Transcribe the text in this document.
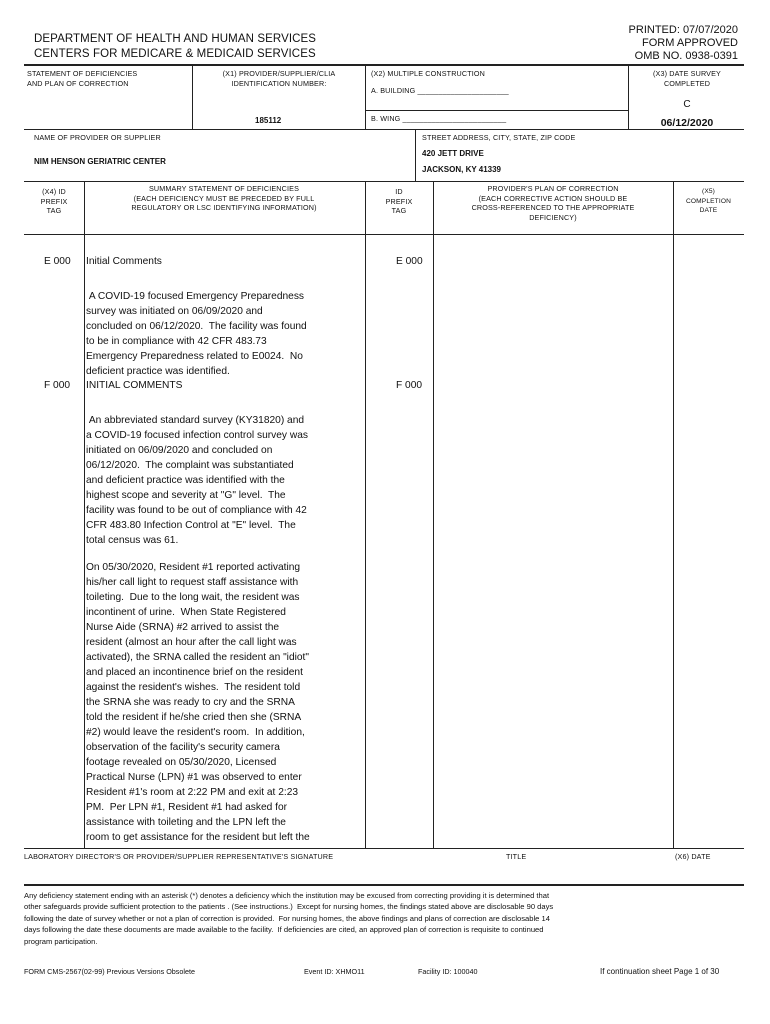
DEPARTMENT OF HEALTH AND HUMAN SERVICES
CENTERS FOR MEDICARE & MEDICAID SERVICES
PRINTED: 07/07/2020
FORM APPROVED
OMB NO. 0938-0391
STATEMENT OF DEFICIENCIES
AND PLAN OF CORRECTION
(X1) PROVIDER/SUPPLIER/CLIA
IDENTIFICATION NUMBER:
185112
(X2) MULTIPLE CONSTRUCTION
A. BUILDING ______________________
B. WING _________________________
(X3) DATE SURVEY
COMPLETED
C
06/12/2020
NAME OF PROVIDER OR SUPPLIER
NIM HENSON GERIATRIC CENTER
STREET ADDRESS, CITY, STATE, ZIP CODE
420 JETT DRIVE
JACKSON, KY 41339
(X4) ID
PREFIX
TAG
SUMMARY STATEMENT OF DEFICIENCIES
(EACH DEFICIENCY MUST BE PRECEDED BY FULL
REGULATORY OR LSC IDENTIFYING INFORMATION)
ID
PREFIX
TAG
PROVIDER'S PLAN OF CORRECTION
(EACH CORRECTIVE ACTION SHOULD BE
CROSS-REFERENCED TO THE APPROPRIATE
DEFICIENCY)
(X5)
COMPLETION
DATE
E 000	E 000
Initial Comments
A COVID-19 focused Emergency Preparedness
survey was initiated on 06/09/2020 and
concluded on 06/12/2020.  The facility was found
to be in compliance with 42 CFR 483.73
Emergency Preparedness related to E0024.  No
deficient practice was identified.
F 000	F 000
INITIAL COMMENTS
An abbreviated standard survey (KY31820) and
a COVID-19 focused infection control survey was
initiated on 06/09/2020 and concluded on
06/12/2020.  The complaint was substantiated
and deficient practice was identified with the
highest scope and severity at "G" level.  The
facility was found to be out of compliance with 42
CFR 483.80 Infection Control at "E" level.  The
total census was 61.
On 05/30/2020, Resident #1 reported activating
his/her call light to request staff assistance with
toileting.  Due to the long wait, the resident was
incontinent of urine.  When State Registered
Nurse Aide (SRNA) #2 arrived to assist the
resident (almost an hour after the call light was
activated), the SRNA called the resident an "idiot"
and placed an incontinence brief on the resident
against the resident's wishes.  The resident told
the SRNA she was ready to cry and the SRNA
told the resident if he/she cried then she (SRNA
#2) would leave the resident's room.  In addition,
observation of the facility's security camera
footage revealed on 05/30/2020, Licensed
Practical Nurse (LPN) #1 was observed to enter
Resident #1's room at 2:22 PM and exit at 2:23
PM.  Per LPN #1, Resident #1 had asked for
assistance with toileting and the LPN left the
room to get assistance for the resident but left the
LABORATORY DIRECTOR'S OR PROVIDER/SUPPLIER REPRESENTATIVE'S SIGNATURE	TITLE	(X6) DATE
Any deficiency statement ending with an asterisk (*) denotes a deficiency which the institution may be excused from correcting providing it is determined that
other safeguards provide sufficient protection to the patients . (See instructions.)  Except for nursing homes, the findings stated above are disclosable 90 days
following the date of survey whether or not a plan of correction is provided.  For nursing homes, the above findings and plans of correction are disclosable 14
days following the date these documents are made available to the facility.  If deficiencies are cited, an approved plan of correction is requisite to continued
program participation.
FORM CMS-2567(02-99) Previous Versions Obsolete	Event ID: XHMO11	Facility ID: 100040	If continuation sheet Page 1 of 30
